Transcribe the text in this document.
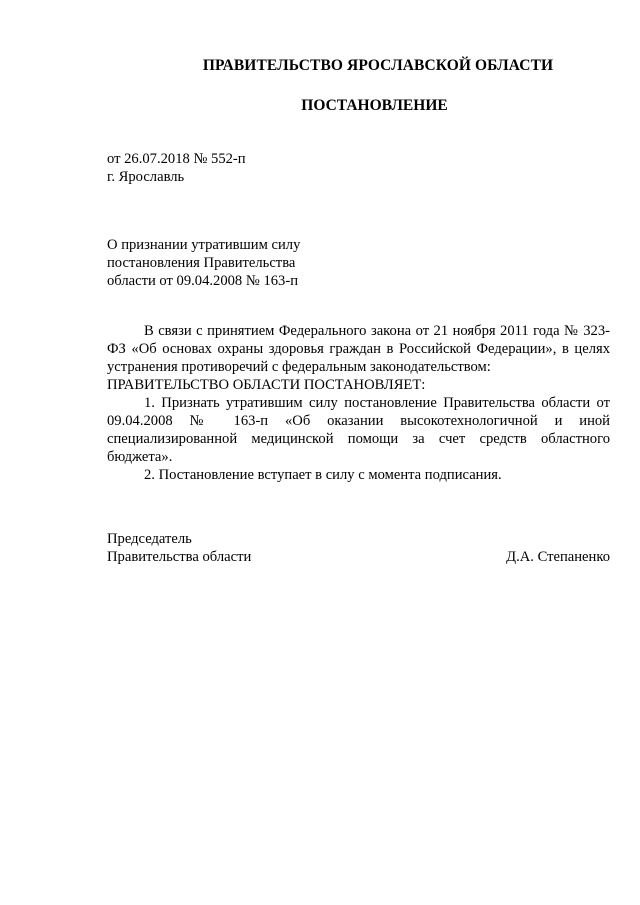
ПРАВИТЕЛЬСТВО ЯРОСЛАВСКОЙ ОБЛАСТИ
ПОСТАНОВЛЕНИЕ
от 26.07.2018 № 552-п
г. Ярославль
О признании утратившим силу
постановления Правительства
области от 09.04.2008 № 163-п

В связи с принятием Федерального закона от 21 ноября 2011 года № 323-ФЗ «Об основах охраны здоровья граждан в Российской Федерации», в целях устранения противоречий с федеральным законодательством:

ПРАВИТЕЛЬСТВО ОБЛАСТИ ПОСТАНОВЛЯЕТ:

1. Признать утратившим силу постановление Правительства области от 09.04.2008 № 163-п «Об оказании высокотехнологичной и иной специализированной медицинской помощи за счет средств областного бюджета».

2. Постановление вступает в силу с момента подписания.

Председатель
Правительства области	Д.А. Степаненко
